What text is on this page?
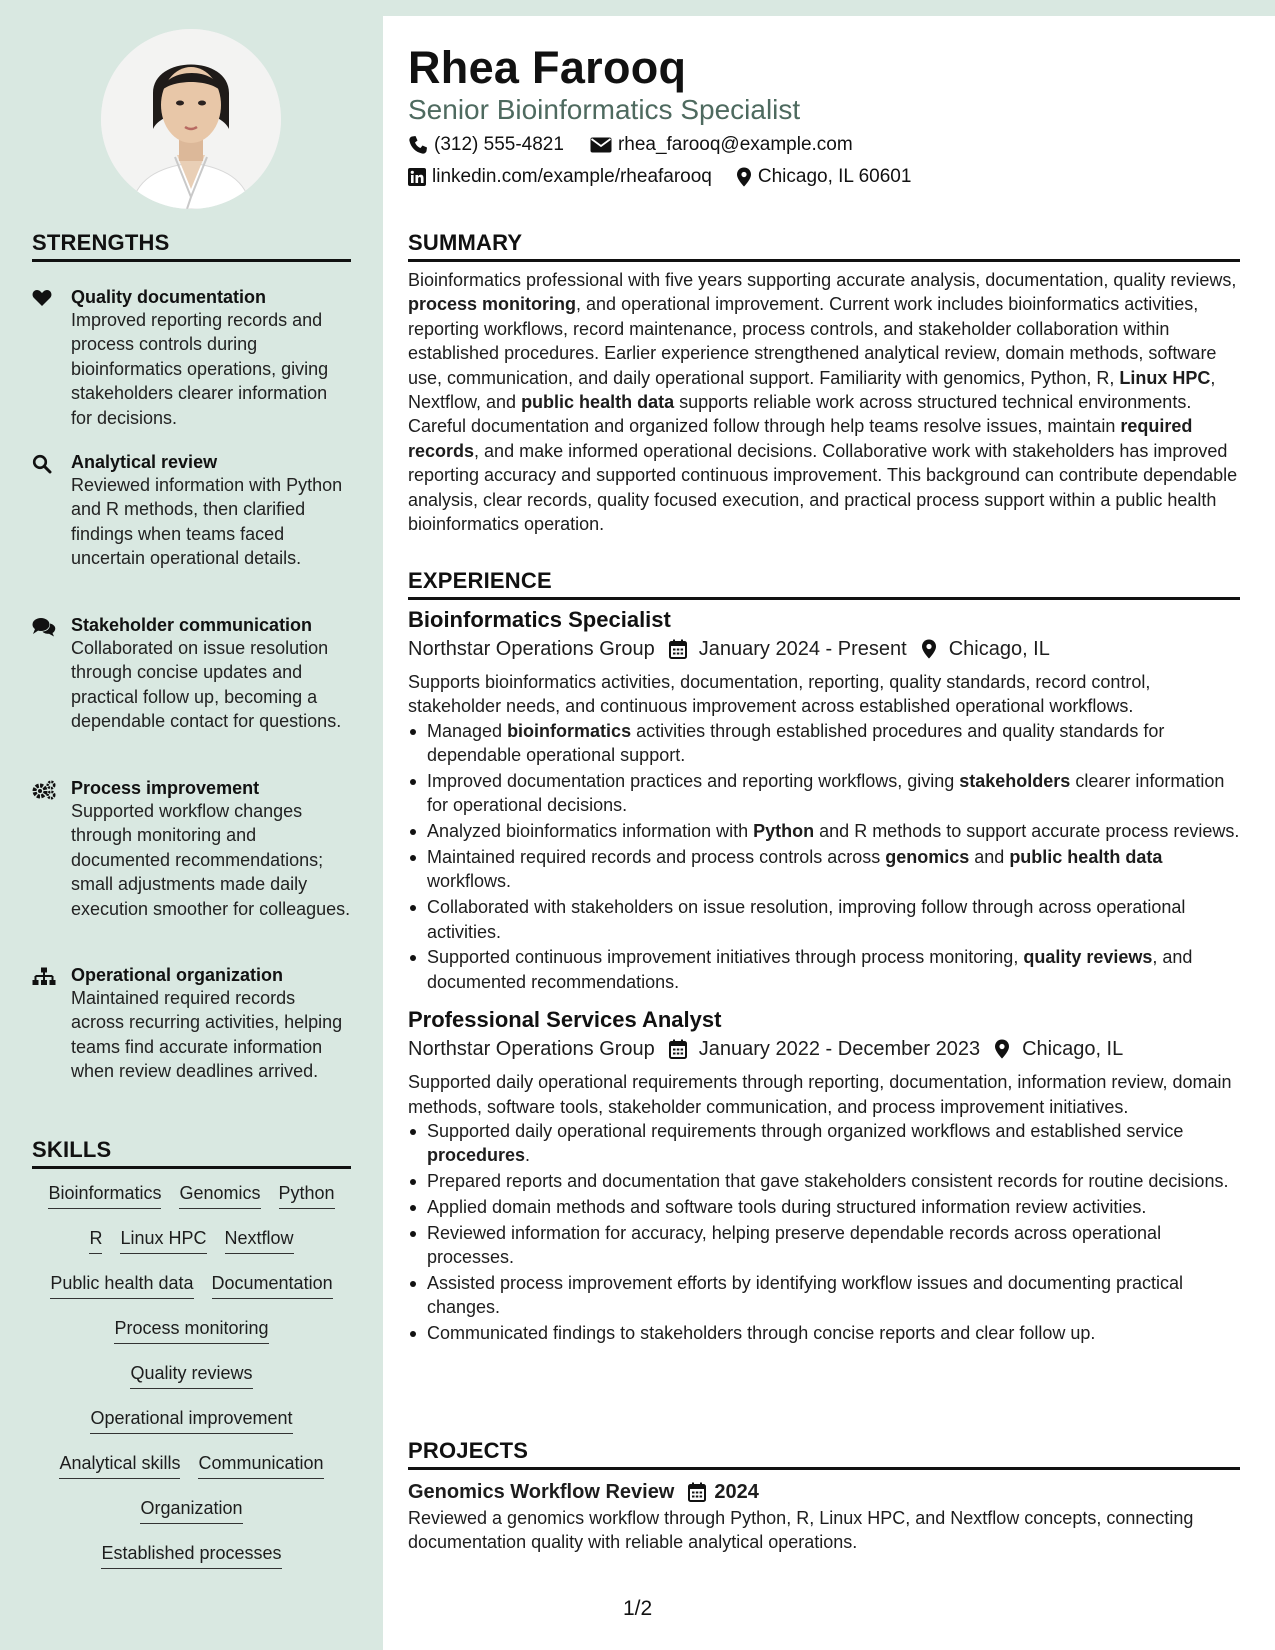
STRENGTHS
Quality documentation
Improved reporting records and process controls during bioinformatics operations, giving stakeholders clearer information for decisions.
Analytical review
Reviewed information with Python and R methods, then clarified findings when teams faced uncertain operational details.
Stakeholder communication
Collaborated on issue resolution through concise updates and practical follow up, becoming a dependable contact for questions.
Process improvement
Supported workflow changes through monitoring and documented recommendations; small adjustments made daily execution smoother for colleagues.
Operational organization
Maintained required records across recurring activities, helping teams find accurate information when review deadlines arrived.
SKILLS
Bioinformatics Genomics Python
R Linux HPC Nextflow
Public health data Documentation
Process monitoring
Quality reviews
Operational improvement
Analytical skills Communication
Organization
Established processes
Rhea Farooq
Senior Bioinformatics Specialist
(312) 555-4821	rhea_farooq@example.com
linkedin.com/example/rheafarooq Chicago, IL 60601
SUMMARY
Bioinformatics professional with five years supporting accurate analysis, documentation, quality reviews, process monitoring, and operational improvement. Current work includes bioinformatics activities, reporting workflows, record maintenance, process controls, and stakeholder collaboration within established procedures. Earlier experience strengthened analytical review, domain methods, software use, communication, and daily operational support. Familiarity with genomics, Python, R, Linux HPC, Nextflow, and public health data supports reliable work across structured technical environments. Careful documentation and organized follow through help teams resolve issues, maintain required records, and make informed operational decisions. Collaborative work with stakeholders has improved reporting accuracy and supported continuous improvement. This background can contribute dependable analysis, clear records, quality focused execution, and practical process support within a public health bioinformatics operation.
EXPERIENCE
Bioinformatics Specialist
Northstar Operations Group January 2024 - Present Chicago, IL
Supports bioinformatics activities, documentation, reporting, quality standards, record control, stakeholder needs, and continuous improvement across established operational workflows.
Managed bioinformatics activities through established procedures and quality standards for dependable operational support.
Improved documentation practices and reporting workflows, giving stakeholders clearer information for operational decisions.
Analyzed bioinformatics information with Python and R methods to support accurate process reviews.
Maintained required records and process controls across genomics and public health data workflows.
Collaborated with stakeholders on issue resolution, improving follow through across operational activities.
Supported continuous improvement initiatives through process monitoring, quality reviews, and documented recommendations.
Professional Services Analyst
Northstar Operations Group January 2022 - December 2023 Chicago, IL
Supported daily operational requirements through reporting, documentation, information review, domain methods, software tools, stakeholder communication, and process improvement initiatives.
Supported daily operational requirements through organized workflows and established service procedures.
Prepared reports and documentation that gave stakeholders consistent records for routine decisions.
Applied domain methods and software tools during structured information review activities.
Reviewed information for accuracy, helping preserve dependable records across operational processes.
Assisted process improvement efforts by identifying workflow issues and documenting practical changes.
Communicated findings to stakeholders through concise reports and clear follow up.
PROJECTS
Genomics Workflow Review 2024
Reviewed a genomics workflow through Python, R, Linux HPC, and Nextflow concepts, connecting documentation quality with reliable analytical operations.
1/2
